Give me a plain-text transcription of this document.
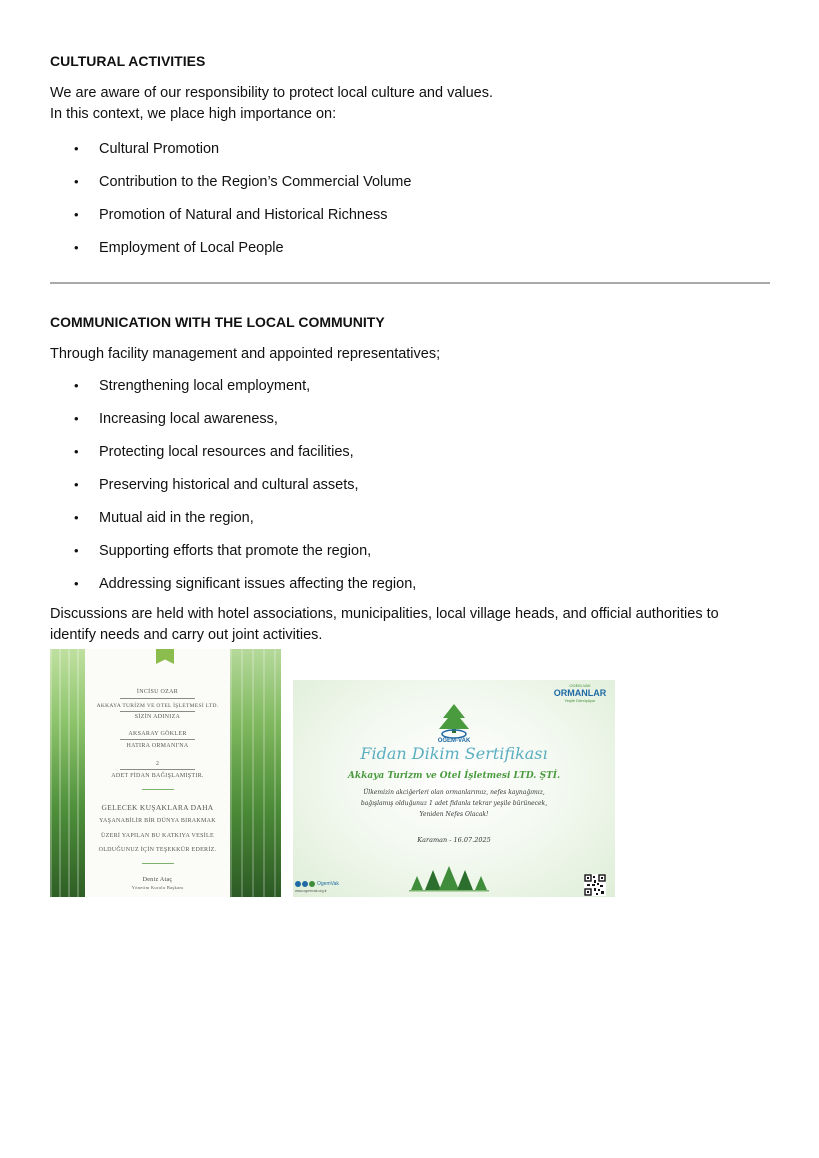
CULTURAL ACTIVITIES

We are aware of our responsibility to protect local culture and values.

In this context, we place high importance on:

• Cultural Promotion
• Contribution to the Region’s Commercial Volume
• Promotion of Natural and Historical Richness
• Employment of Local People
COMMUNICATION WITH THE LOCAL COMMUNITY

Through facility management and appointed representatives;

• Strengthening local employment,
• Increasing local awareness,
• Protecting local resources and facilities,
• Preserving historical and cultural assets,
• Mutual aid in the region,
• Supporting efforts that promote the region,
• Addressing significant issues affecting the region,

Discussions are held with hotel associations, municipalities, local village heads, and official authorities to

identify needs and carry out joint activities.

İNCİSU OZAR
AKKAYA TURİZM VE OTEL İŞLETMESİ LTD.
SİZİN ADINIZA
AKSARAY GÖKLER
HATIRA ORMANI'NA
2
ADET FİDAN BAĞIŞLAMIŞTIR.
GELECEK KUŞAKLARA DAHA
YAŞANABİLİR BİR DÜNYA BIRAKMAK
ÜZERİ YAPILAN BU KATKIYA VESİLE
OLDUĞUNUZ İÇİN TEŞEKKÜR EDERİZ.
Deniz Ataç
Yönetim Kurulu Başkanı
OGEM-VAK
ORMANLAR
Yeşile Dönüşüyor
OGEM-VAK
Fidan Dikim Sertifikası
Akkaya Turizm ve Otel İşletmesi LTD. ŞTİ.
Ülkemizin akciğerleri olan ormanlarımız, nefes kaynağımız,
bağışlamış olduğunuz 1 adet fidanla tekrar yeşile bürünecek,
Yeniden Nefes Olacak!
Karaman - 16.07.2025
OgemVak
www.ogemvak.org.tr
